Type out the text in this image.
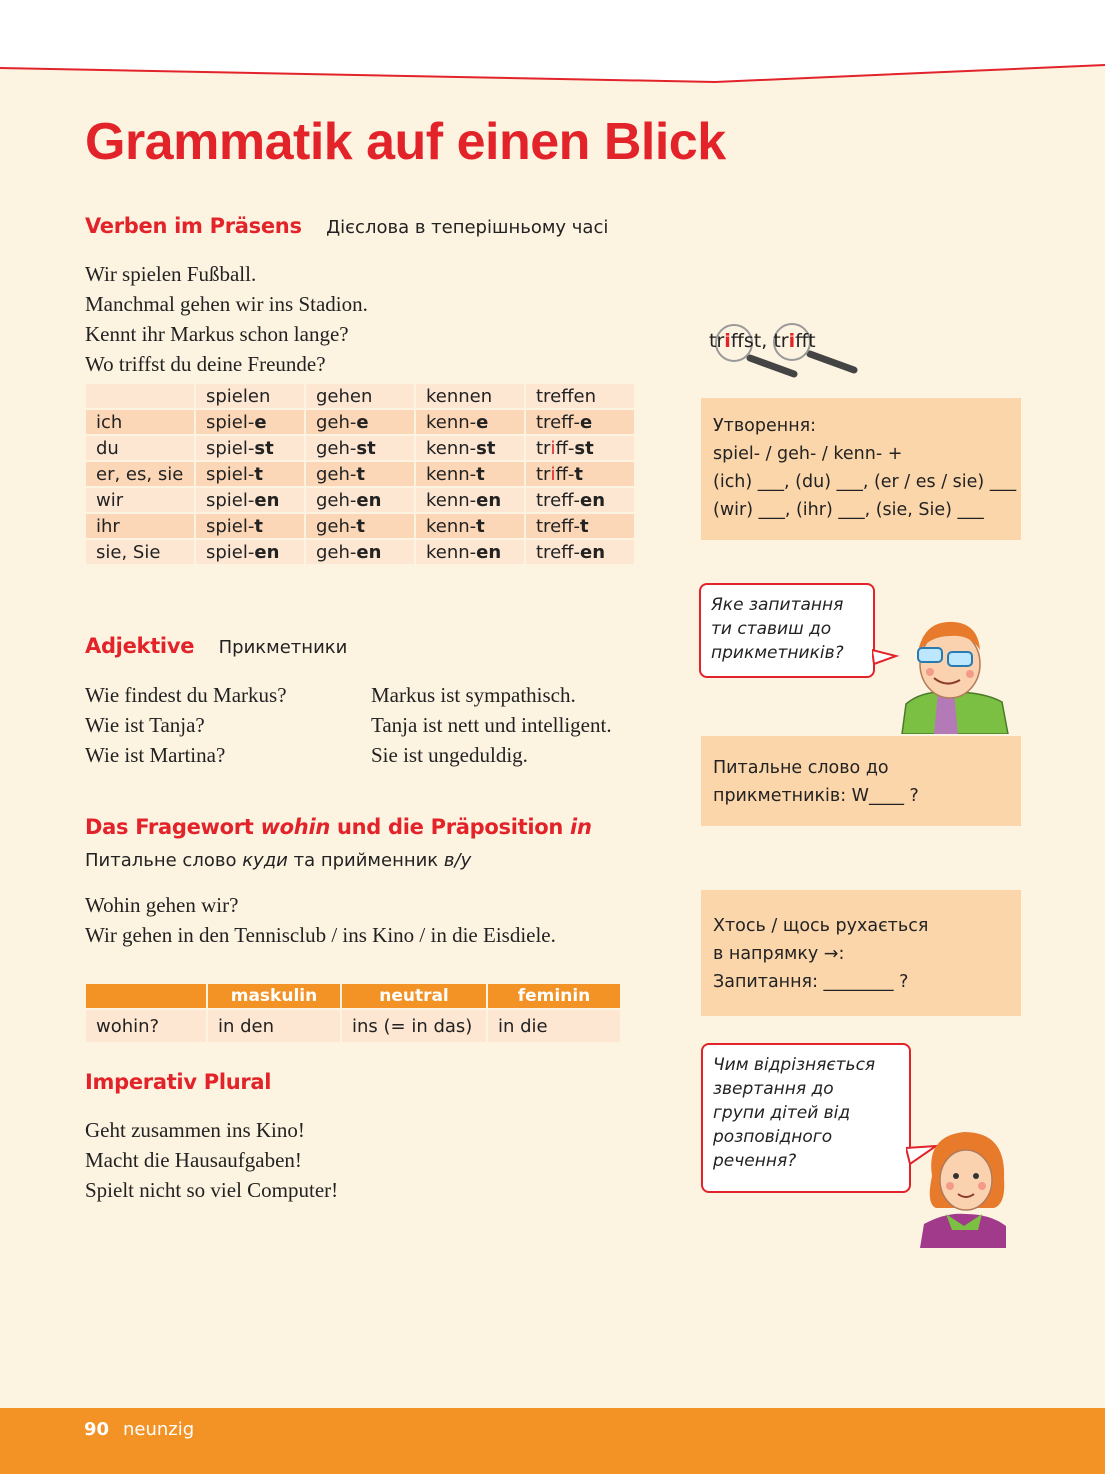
Grammatik auf einen Blick
Verben im Präsens Дієслова в теперішньому часі
Wir spielen Fußball.
Manchmal gehen wir ins Stadion.
Kennt ihr Markus schon lange?
Wo triffst du deine Freunde?
	spielen	gehen	kennen	treffen
ich	spiel-e	geh-e	kenn-e	treff-e
du	spiel-st	geh-st	kenn-st	triff-st
er, es, sie	spiel-t	geh-t	kenn-t	triff-t
wir	spiel-en	geh-en	kenn-en	treff-en
ihr	spiel-t	geh-t	kenn-t	treff-t
sie, Sie	spiel-en	geh-en	kenn-en	treff-en
triffst, trifft
Утворення:
spiel- / geh- / kenn- +
(ich) ___, (du) ___, (er / es / sie) ___
(wir) ___, (ihr) ___, (sie, Sie) ___
Adjektive Прикметники
Wie findest du Markus?
Wie ist Tanja?
Wie ist Martina?
Markus ist sympathisch.
Tanja ist nett und intelligent.
Sie ist ungeduldig.
Яке запитання
ти ставиш до
прикметників?
Питальне слово до
прикметників: W____ ?
Das Fragewort wohin und die Präposition in
Питальне слово куди та прийменник в/у
Wohin gehen wir?
Wir gehen in den Tennisclub / ins Kino / in die Eisdiele.
	maskulin	neutral	feminin
wohin?	in den	ins (= in das)	in die
Хтось / щось рухається
в напрямку →:
Запитання: ________ ?
Imperativ Plural
Geht zusammen ins Kino!
Macht die Hausaufgaben!
Spielt nicht so viel Computer!
Чим відрізняється
звертання до
групи дітей від
розповідного
речення?
90 neunzig
